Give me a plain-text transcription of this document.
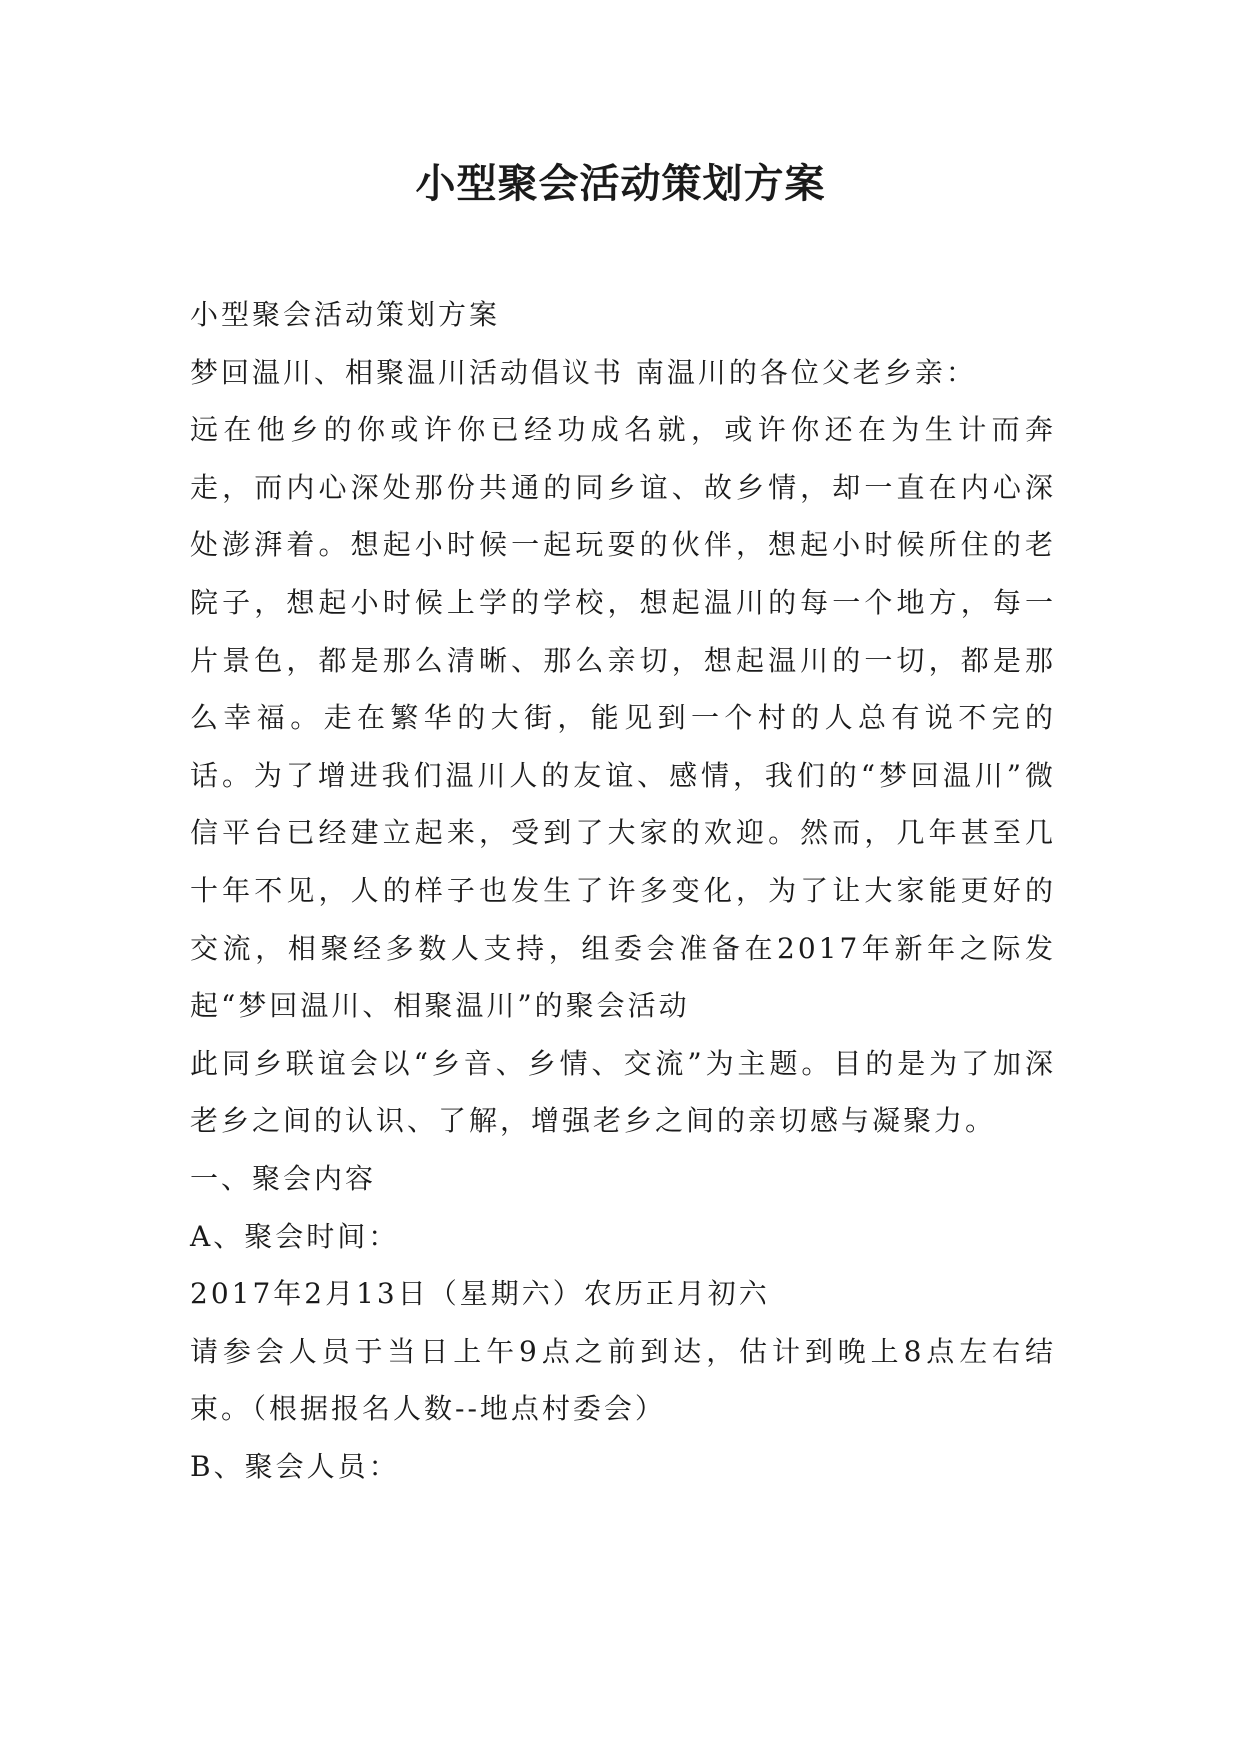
小型聚会活动策划方案

小型聚会活动策划方案

梦回温川、相聚温川活动倡议书 南温川的各位父老乡亲：

远在他乡的你或许你已经功成名就，或许你还在为生计而奔走，而内心深处那份共通的同乡谊、故乡情，却一直在内心深处澎湃着。想起小时候一起玩耍的伙伴，想起小时候所住的老院子，想起小时候上学的学校，想起温川的每一个地方，每一片景色，都是那么清晰、那么亲切，想起温川的一切，都是那么幸福。走在繁华的大街，能见到一个村的人总有说不完的话。为了增进我们温川人的友谊、感情，我们的“梦回温川”微信平台已经建立起来，受到了大家的欢迎。然而，几年甚至几十年不见，人的样子也发生了许多变化，为了让大家能更好的交流，相聚经多数人支持，组委会准备在2017年新年之际发起“梦回温川、相聚温川”的聚会活动

此同乡联谊会以“乡音、乡情、交流”为主题。目的是为了加深老乡之间的认识、了解，增强老乡之间的亲切感与凝聚力。

一、聚会内容

A、聚会时间：

2017年2月13日（星期六）农历正月初六

请参会人员于当日上午9点之前到达，估计到晚上8点左右结束。（根据报名人数--地点村委会）

B、聚会人员：
